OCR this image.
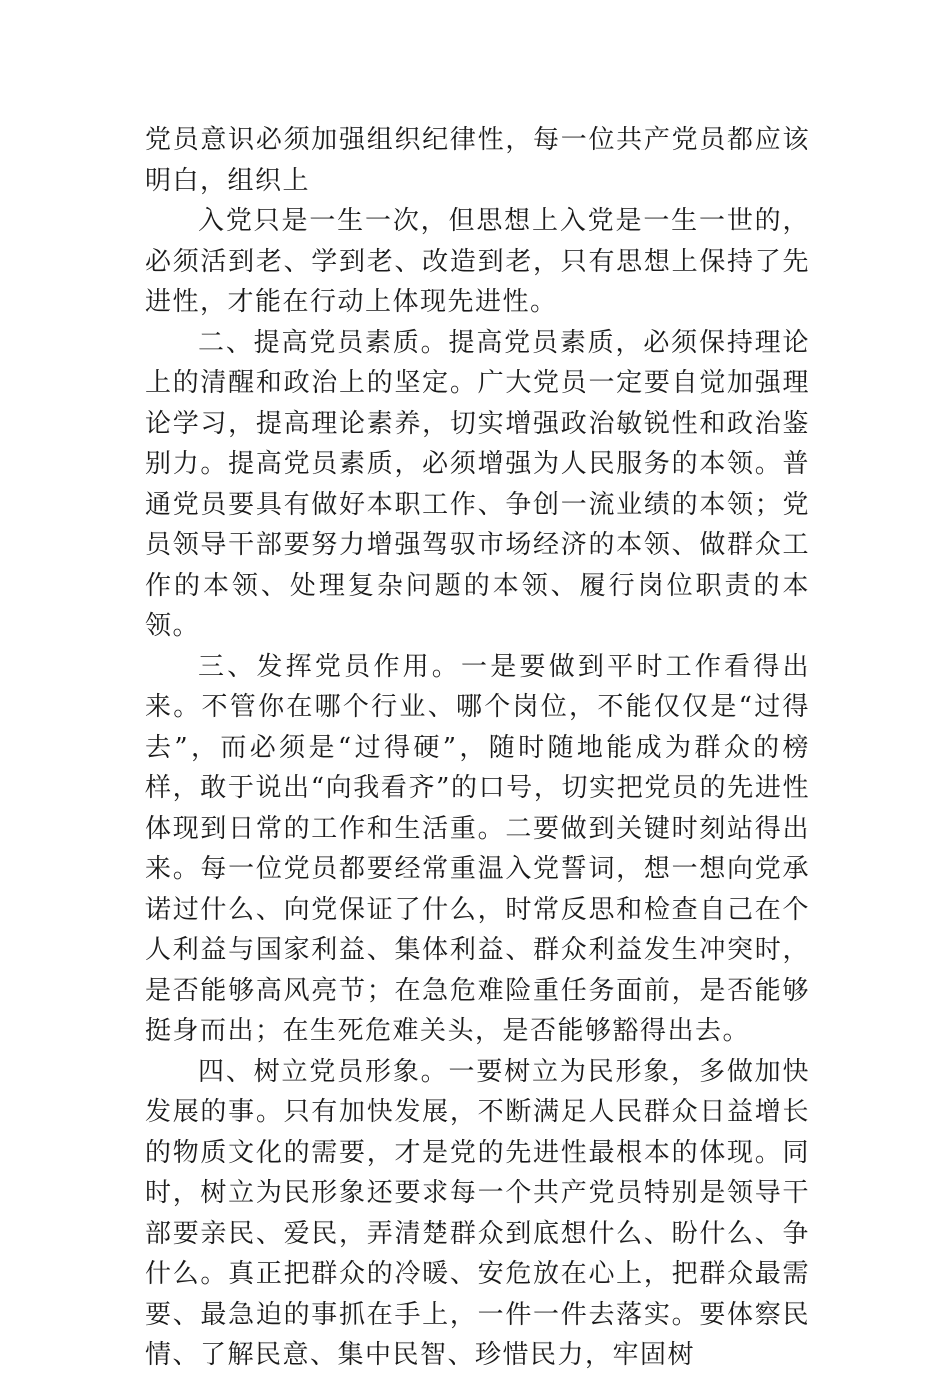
党员意识必须加强组织纪律性，每一位共产党员都应该明白，组织上

入党只是一生一次，但思想上入党是一生一世的，必须活到老、学到老、改造到老，只有思想上保持了先进性，才能在行动上体现先进性。

二、提高党员素质。提高党员素质，必须保持理论上的清醒和政治上的坚定。广大党员一定要自觉加强理论学习，提高理论素养，切实增强政治敏锐性和政治鉴别力。提高党员素质，必须增强为人民服务的本领。普通党员要具有做好本职工作、争创一流业绩的本领；党员领导干部要努力增强驾驭市场经济的本领、做群众工作的本领、处理复杂问题的本领、履行岗位职责的本领。

三、发挥党员作用。一是要做到平时工作看得出来。不管你在哪个行业、哪个岗位，不能仅仅是“过得去”，而必须是“过得硬”，随时随地能成为群众的榜样，敢于说出“向我看齐”的口号，切实把党员的先进性体现到日常的工作和生活重。二要做到关键时刻站得出来。每一位党员都要经常重温入党誓词，想一想向党承诺过什么、向党保证了什么，时常反思和检查自己在个人利益与国家利益、集体利益、群众利益发生冲突时，是否能够高风亮节；在急危难险重任务面前，是否能够挺身而出；在生死危难关头，是否能够豁得出去。

四、树立党员形象。一要树立为民形象，多做加快发展的事。只有加快发展，不断满足人民群众日益增长的物质文化的需要，才是党的先进性最根本的体现。同时，树立为民形象还要求每一个共产党员特别是领导干部要亲民、爱民，弄清楚群众到底想什么、盼什么、争什么。真正把群众的冷暖、安危放在心上，把群众最需要、最急迫的事抓在手上，一件一件去落实。要体察民情、了解民意、集中民智、珍惜民力，牢固树
